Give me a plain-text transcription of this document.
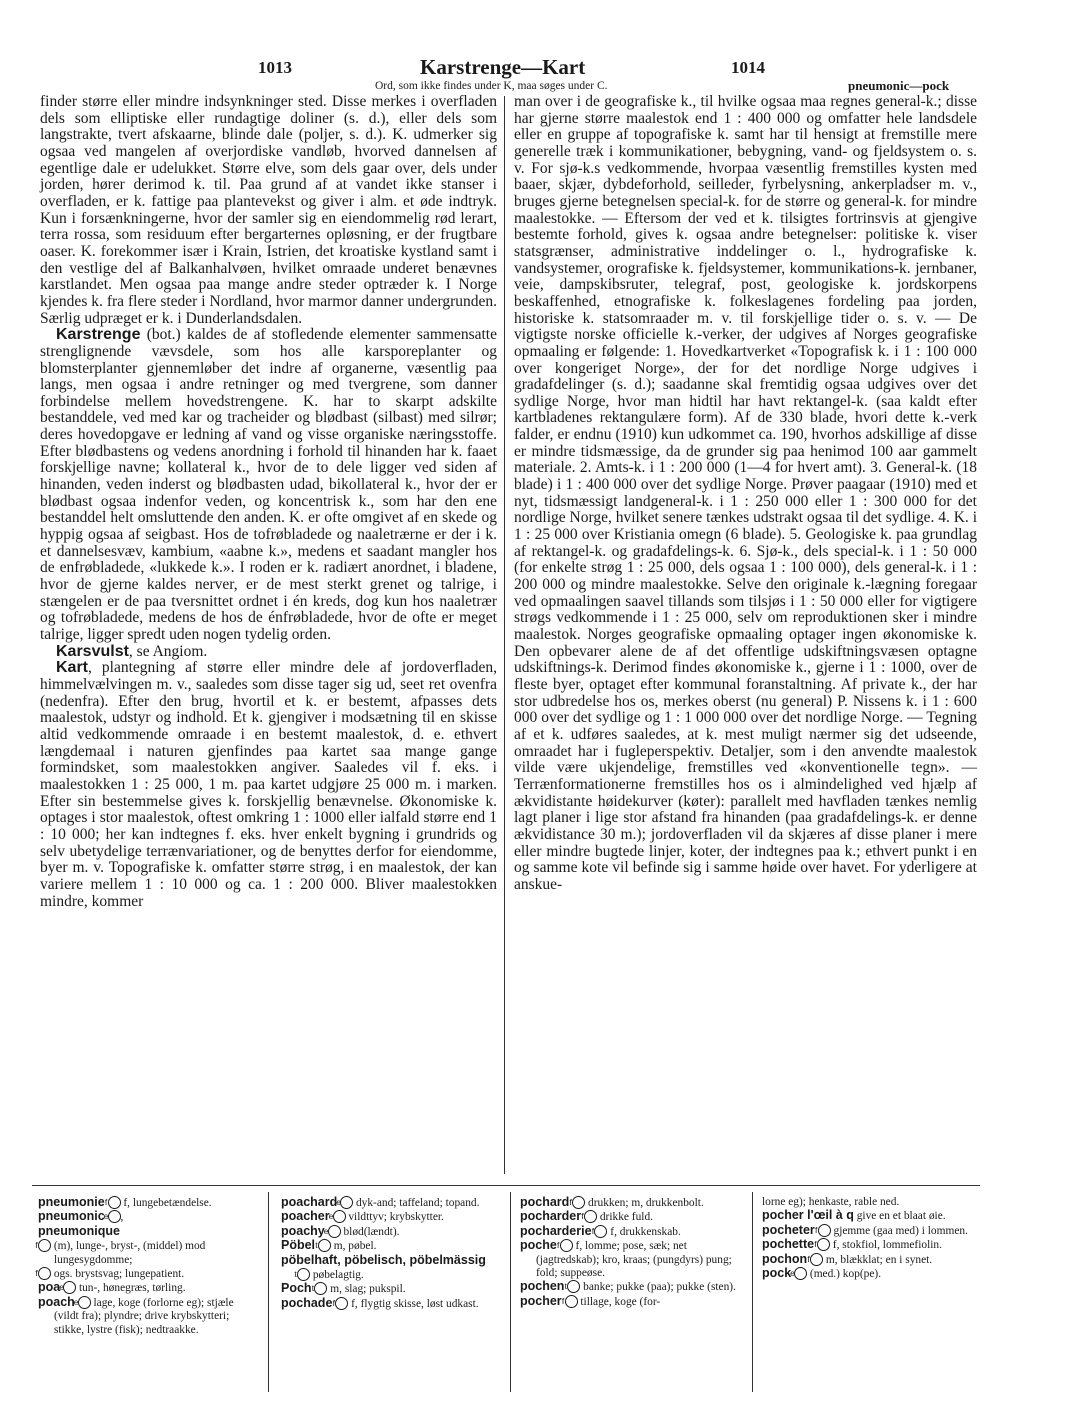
1013	Karstrenge—Kart	1014
Ord, som ikke findes under K, maa søges under C.	pneumonic—pock

finder større eller mindre indsynkninger sted. Disse merkes i overfladen dels som elliptiske eller rundagtige doliner (s. d.), eller dels som langstrakte, tvert afskaarne, blinde dale (poljer, s. d.). K. udmerker sig ogsaa ved mangelen af overjordiske vandløb, hvorved dannelsen af egentlige dale er udelukket. Større elve, som dels gaar over, dels under jorden, hører derimod k. til. Paa grund af at vandet ikke stanser i overfladen, er k. fattige paa plantevekst og giver i alm. et øde indtryk. Kun i forsænkningerne, hvor der samler sig en eiendommelig rød lerart, terra rossa, som residuum efter bergarternes opløsning, er der frugtbare oaser. K. forekommer især i Krain, Istrien, det kroatiske kystland samt i den vestlige del af Balkanhalvøen, hvilket omraade underet benævnes karstlandet. Men ogsaa paa mange andre steder optræder k. I Norge kjendes k. fra flere steder i Nordland, hvor marmor danner undergrunden. Særlig udpræget er k. i Dunderlandsdalen.

Karstrenge (bot.) kaldes de af stofledende elementer sammensatte strenglignende vævsdele, som hos alle karsporeplanter og blomsterplanter gjennemløber det indre af organerne, væsentlig paa langs, men ogsaa i andre retninger og med tvergrene, som danner forbindelse mellem hovedstrengene. K. har to skarpt adskilte bestanddele, ved med kar og tracheider og blødbast (silbast) med silrør; deres hovedopgave er ledning af vand og visse organiske næringsstoffe. Efter blødbastens og vedens anordning i forhold til hinanden har k. faaet forskjellige navne; kollateral k., hvor de to dele ligger ved siden af hinanden, veden inderst og blødbasten udad, bikollateral k., hvor der er blødbast ogsaa indenfor veden, og koncentrisk k., som har den ene bestanddel helt omsluttende den anden. K. er ofte omgivet af en skede og hyppig ogsaa af seigbast. Hos de tofrøbladede og naaletrærne er der i k. et dannelsesvæv, kambium, «aabne k.», medens et saadant mangler hos de enfrøbladede, «lukkede k.». I roden er k. radiært anordnet, i bladene, hvor de gjerne kaldes nerver, er de mest sterkt grenet og talrige, i stængelen er de paa tversnittet ordnet i én kreds, dog kun hos naaletrær og tofrøbladede, medens de hos de énfrøbladede, hvor de ofte er meget talrige, ligger spredt uden nogen tydelig orden.

Karsvulst, se Angiom.

Kart, plantegning af større eller mindre dele af jordoverfladen, himmelvælvingen m. v., saaledes som disse tager sig ud, seet ret ovenfra (nedenfra). Efter den brug, hvortil et k. er bestemt, afpasses dets maalestok, udstyr og indhold. Et k. gjengiver i modsætning til en skisse altid vedkommende omraade i en bestemt maalestok, d. e. ethvert længdemaal i naturen gjenfindes paa kartet saa mange gange formindsket, som maalestokken angiver. Saaledes vil f. eks. i maalestokken 1 : 25 000, 1 m. paa kartet udgjøre 25 000 m. i marken. Efter sin bestemmelse gives k. forskjellig benævnelse. Økonomiske k. optages i stor maalestok, oftest omkring 1 : 1000 eller ialfald større end 1 : 10 000; her kan indtegnes f. eks. hver enkelt bygning i grundrids og selv ubetydelige terrænvariationer, og de benyttes derfor for eiendomme, byer m. v. Topografiske k. omfatter større strøg, i en maalestok, der kan variere mellem 1 : 10 000 og ca. 1 : 200 000. Bliver maalestokken mindre, kommer

man over i de geografiske k., til hvilke ogsaa maa regnes general-k.; disse har gjerne større maalestok end 1 : 400 000 og omfatter hele landsdele eller en gruppe af topografiske k. samt har til hensigt at fremstille mere generelle træk i kommunikationer, bebygning, vand- og fjeldsystem o. s. v. For sjø-k.s vedkommende, hvorpaa væsentlig fremstilles kysten med baaer, skjær, dybdeforhold, seilleder, fyrbelysning, ankerpladser m. v., bruges gjerne betegnelsen special-k. for de større og general-k. for mindre maalestokke. — Eftersom der ved et k. tilsigtes fortrinsvis at gjengive bestemte forhold, gives k. ogsaa andre betegnelser: politiske k. viser statsgrænser, administrative inddelinger o. l., hydrografiske k. vandsystemer, orografiske k. fjeldsystemer, kommunikations-k. jernbaner, veie, dampskibsruter, telegraf, post, geologiske k. jordskorpens beskaffenhed, etnografiske k. folkeslagenes fordeling paa jorden, historiske k. statsomraader m. v. til forskjellige tider o. s. v. — De vigtigste norske officielle k.-verker, der udgives af Norges geografiske opmaaling er følgende: 1. Hovedkartverket «Topografisk k. i 1 : 100 000 over kongeriget Norge», der for det nordlige Norge udgives i gradafdelinger (s. d.); saadanne skal fremtidig ogsaa udgives over det sydlige Norge, hvor man hidtil har havt rektangel-k. (saa kaldt efter kartbladenes rektangulære form). Af de 330 blade, hvori dette k.-verk falder, er endnu (1910) kun udkommet ca. 190, hvorhos adskillige af disse er mindre tidsmæssige, da de grunder sig paa henimod 100 aar gammelt materiale. 2. Amts-k. i 1 : 200 000 (1—4 for hvert amt). 3. General-k. (18 blade) i 1 : 400 000 over det sydlige Norge. Prøver paagaar (1910) med et nyt, tidsmæssigt landgeneral-k. i 1 : 250 000 eller 1 : 300 000 for det nordlige Norge, hvilket senere tænkes udstrakt ogsaa til det sydlige. 4. K. i 1 : 25 000 over Kristiania omegn (6 blade). 5. Geologiske k. paa grundlag af rektangel-k. og gradafdelings-k. 6. Sjø-k., dels special-k. i 1 : 50 000 (for enkelte strøg 1 : 25 000, dels ogsaa 1 : 100 000), dels general-k. i 1 : 200 000 og mindre maalestokke. Selve den originale k.-lægning foregaar ved opmaalingen saavel tillands som tilsjøs i 1 : 50 000 eller for vigtigere strøgs vedkommende i 1 : 25 000, selv om reproduktionen sker i mindre maalestok. Norges geografiske opmaaling optager ingen økonomiske k. Den opbevarer alene de af det offentlige udskiftningsvæsen optagne udskiftnings-k. Derimod findes økonomiske k., gjerne i 1 : 1000, over de fleste byer, optaget efter kommunal foranstaltning. Af private k., der har stor udbredelse hos os, merkes oberst (nu general) P. Nissens k. i 1 : 600 000 over det sydlige og 1 : 1 000 000 over det nordlige Norge. — Tegning af et k. udføres saaledes, at k. mest muligt nærmer sig det udseende, omraadet har i fugleperspektiv. Detaljer, som i den anvendte maalestok vilde være ukjendelige, fremstilles ved «konventionelle tegn». — Terrænformationerne fremstilles hos os i almindelighed ved hjælp af ækvidistante høidekurver (køter): parallelt med havfladen tænkes nemlig lagt planer i lige stor afstand fra hinanden (paa gradafdelings-k. er denne ækvidistance 30 m.); jordoverfladen vil da skjæres af disse planer i mere eller mindre bugtede linjer, koter, der indtegnes paa k.; ethvert punkt i en og samme kote vil befinde sig i samme høide over havet. For yderligere at anskue-

pneumonie f f, lungebetændelse.

pneumonic e ,

pneumonique

f (m), lunge-, bryst-, (middel) mod lungesygdomme;

f ogs. brystsvag; lungepatient.

poa e tun-, hønegræs, tørling.

poach e lage, koge (forlorne eg); stjæle (vildt fra); plyndre; drive krybskytteri; stikke, lystre (fisk); nedtraakke.

poachard e dyk-and; taffeland; topand.

poacher e vildttyv; krybskytter.

poachy e blød(lændt).

Pöbel t m, pøbel.

pöbelhaft, pöbelisch, pöbelmässig t pøbelagtig.

Poch t m, slag; pukspil.

pochade f f, flygtig skisse, løst udkast.

pochard f drukken; m, drukkenbolt.

pocharder f drikke fuld.

pocharderie f f, drukkenskab.

poche f f, lomme; pose, sæk; net (jagtredskab); kro, kraas; (pungdyrs) pung; fold; suppeøse.

pochen t banke; pukke (paa); pukke (sten).

pocher f tillage, koge (for-

lorne eg); henkaste, rable ned.

pocher l'œil à q give en et blaat øie.

pocheter f gjemme (gaa med) i lommen.

pochette f f, stokfiol, lommefiolin.

pochon f m, blækklat; en i synet.

pock e (med.) kop(pe).
